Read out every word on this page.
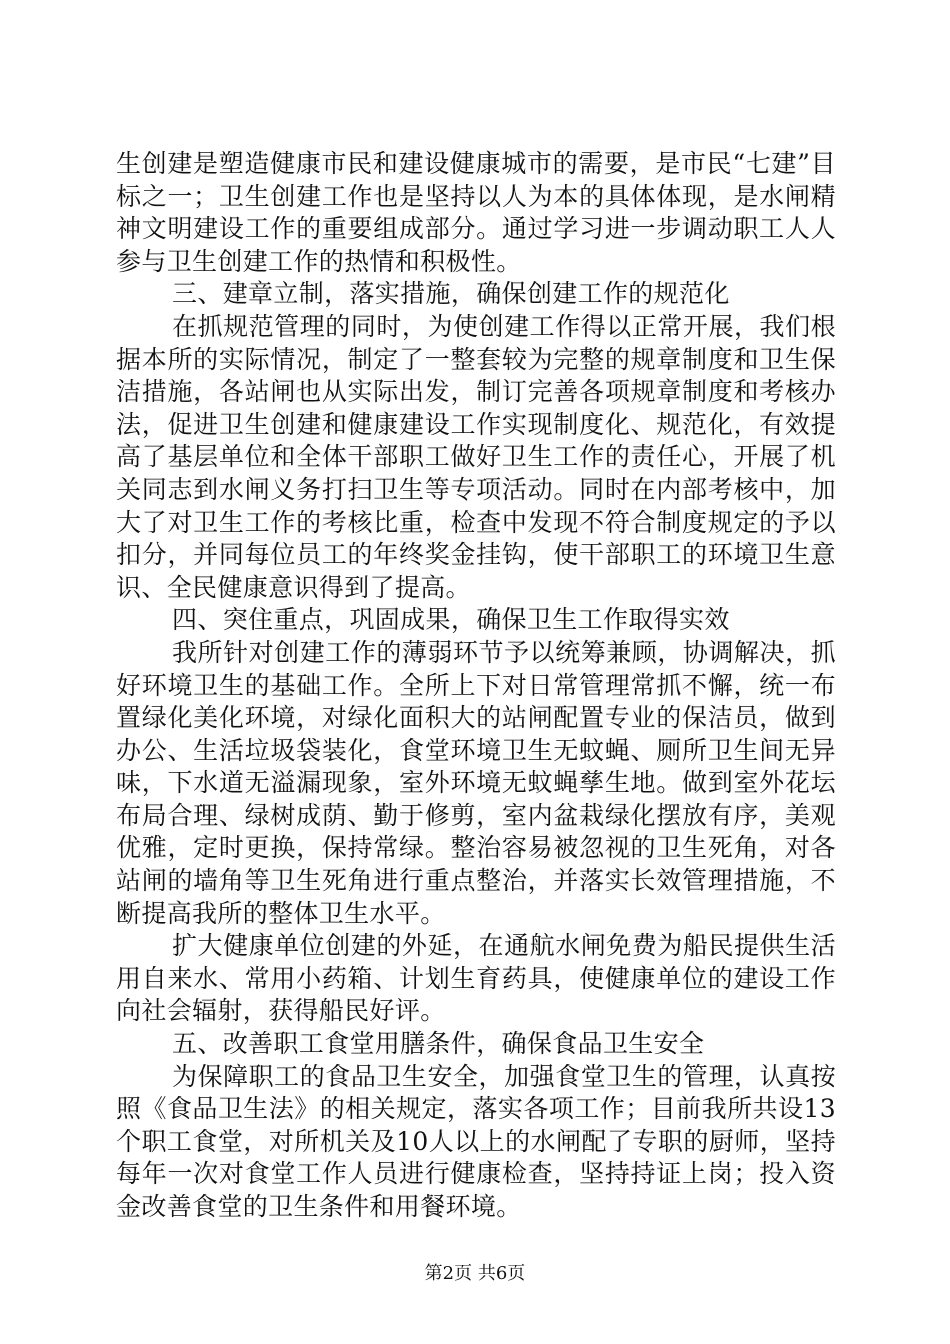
生创建是塑造健康市民和建设健康城市的需要，是市民“七建”目标之一；卫生创建工作也是坚持以人为本的具体体现，是水闸精神文明建设工作的重要组成部分。通过学习进一步调动职工人人参与卫生创建工作的热情和积极性。

三、建章立制，落实措施，确保创建工作的规范化

在抓规范管理的同时，为使创建工作得以正常开展，我们根据本所的实际情况，制定了一整套较为完整的规章制度和卫生保洁措施，各站闸也从实际出发，制订完善各项规章制度和考核办法，促进卫生创建和健康建设工作实现制度化、规范化，有效提高了基层单位和全体干部职工做好卫生工作的责任心，开展了机关同志到水闸义务打扫卫生等专项活动。同时在内部考核中，加大了对卫生工作的考核比重，检查中发现不符合制度规定的予以扣分，并同每位员工的年终奖金挂钩，使干部职工的环境卫生意识、全民健康意识得到了提高。

四、突住重点，巩固成果，确保卫生工作取得实效

我所针对创建工作的薄弱环节予以统筹兼顾，协调解决，抓好环境卫生的基础工作。全所上下对日常管理常抓不懈，统一布置绿化美化环境，对绿化面积大的站闸配置专业的保洁员，做到办公、生活垃圾袋装化，食堂环境卫生无蚊蝇、厕所卫生间无异味，下水道无溢漏现象，室外环境无蚊蝇孳生地。做到室外花坛布局合理、绿树成荫、勤于修剪，室内盆栽绿化摆放有序，美观优雅，定时更换，保持常绿。整治容易被忽视的卫生死角，对各站闸的墙角等卫生死角进行重点整治，并落实长效管理措施，不断提高我所的整体卫生水平。

扩大健康单位创建的外延，在通航水闸免费为船民提供生活用自来水、常用小药箱、计划生育药具，使健康单位的建设工作向社会辐射，获得船民好评。

五、改善职工食堂用膳条件，确保食品卫生安全

为保障职工的食品卫生安全，加强食堂卫生的管理，认真按照《食品卫生法》的相关规定，落实各项工作；目前我所共设13个职工食堂，对所机关及10人以上的水闸配了专职的厨师，坚持每年一次对食堂工作人员进行健康检查，坚持持证上岗；投入资金改善食堂的卫生条件和用餐环境。

第2页 共6页
